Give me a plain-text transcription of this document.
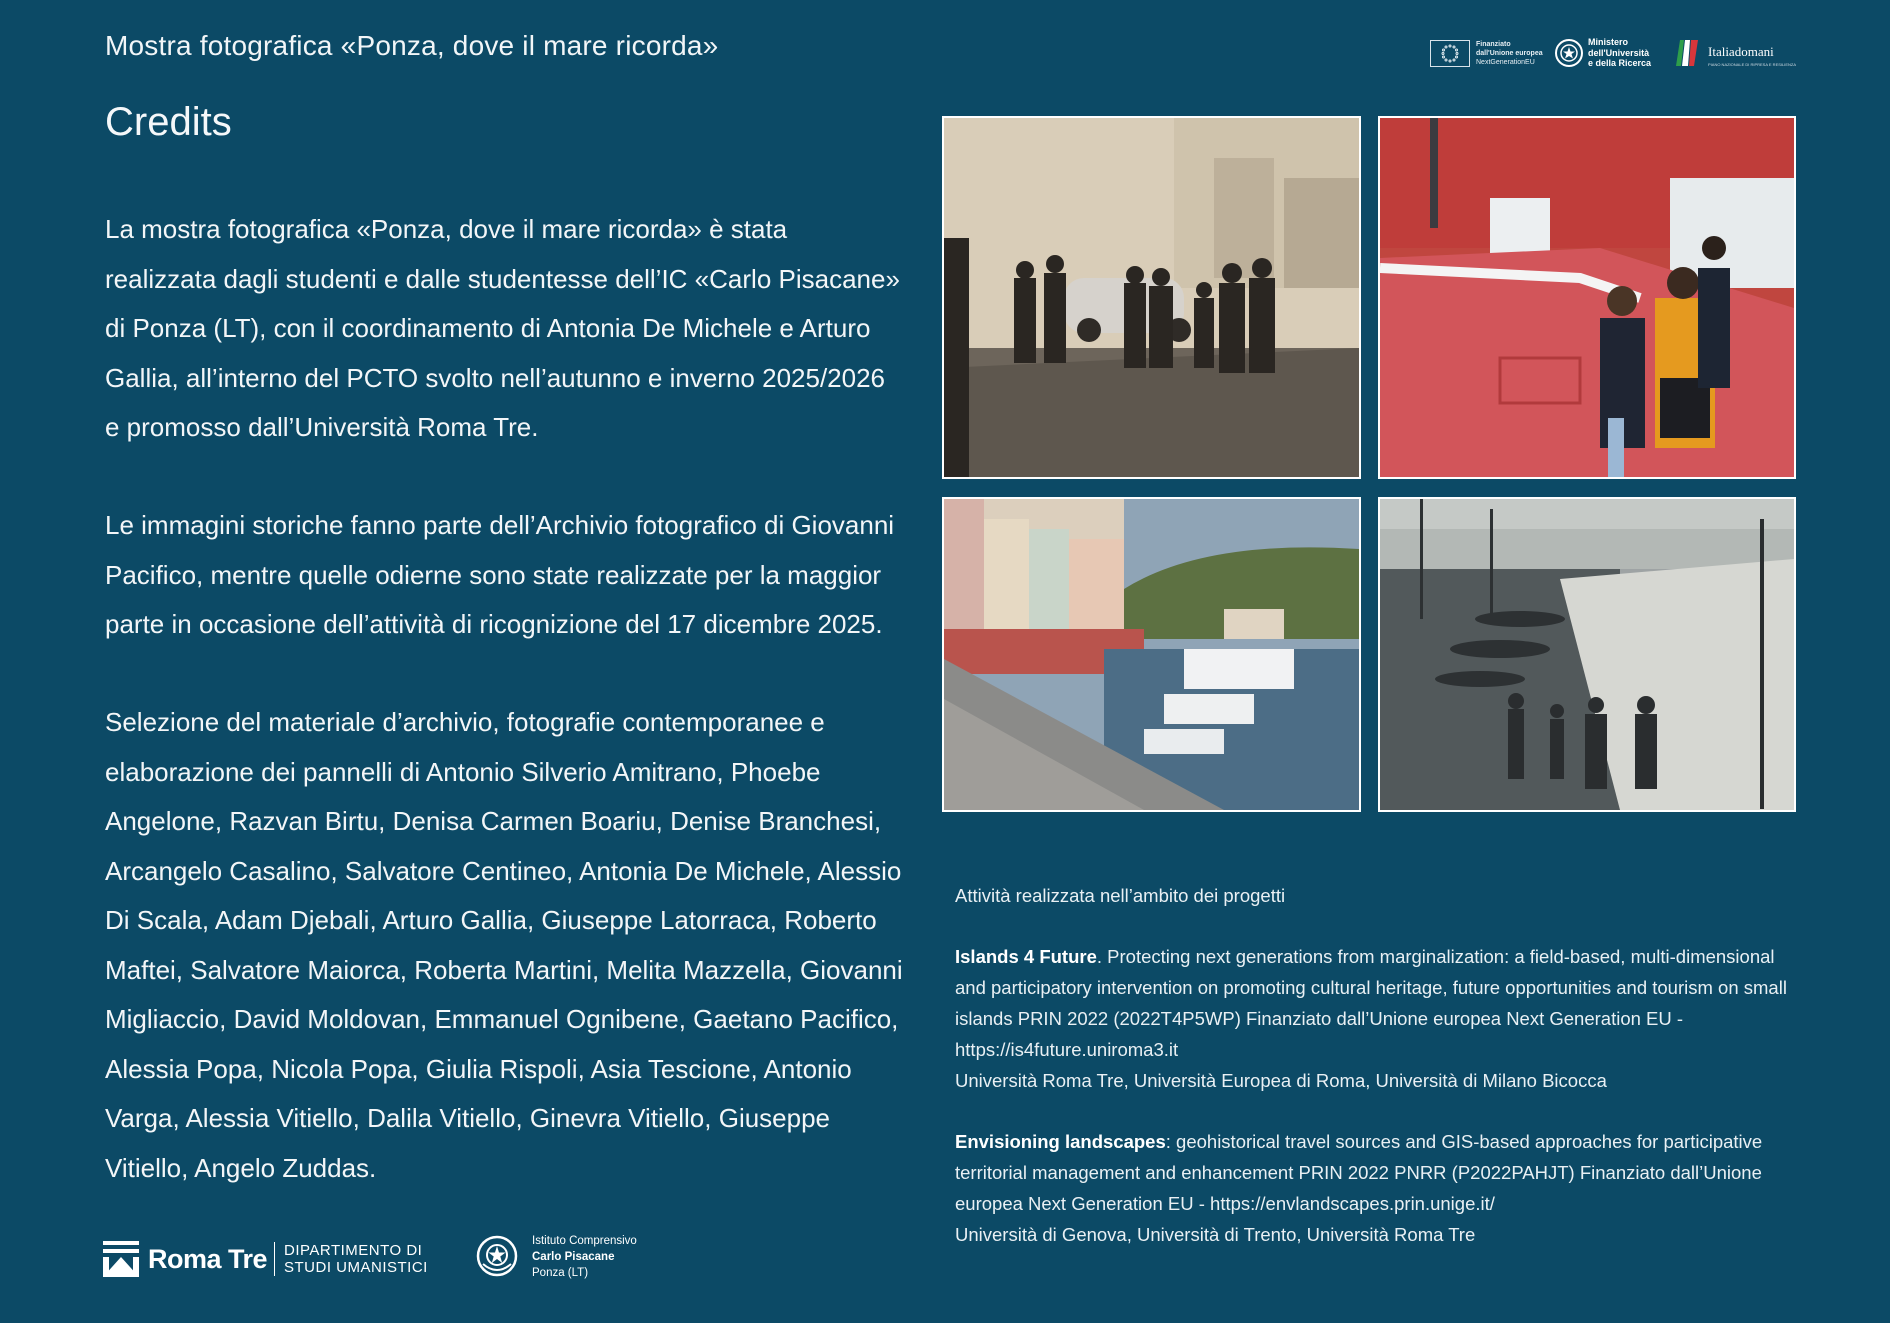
Mostra fotografica «Ponza, dove il mare ricorda»	Finanziato
dall'Unione europea
NextGenerationEU
Ministero
dell'Università
e della Ricerca
Italiadomani
PIANO NAZIONALE DI RIPRESA E RESILIENZA
Credits

La mostra fotografica «Ponza, dove il mare ricorda» è stata realizzata dagli studenti e dalle studentesse dell’IC «Carlo Pisacane» di Ponza (LT), con il coordinamento di Antonia De Michele e Arturo Gallia, all’interno del PCTO svolto nell’autunno e inverno 2025/2026 e promosso dall’Università Roma Tre.

Le immagini storiche fanno parte dell’Archivio fotografico di Giovanni Pacifico, mentre quelle odierne sono state realizzate per la maggior parte in occasione dell’attività di ricognizione del 17 dicembre 2025.

Selezione del materiale d’archivio, fotografie contemporanee e elaborazione dei pannelli di Antonio Silverio Amitrano, Phoebe Angelone, Razvan Birtu, Denisa Carmen Boariu, Denise Branchesi, Arcangelo Casalino, Salvatore Centineo, Antonia De Michele, Alessio Di Scala, Adam Djebali, Arturo Gallia, Giuseppe Latorraca, Roberto Maftei, Salvatore Maiorca, Roberta Martini, Melita Mazzella, Giovanni Migliaccio, David Moldovan, Emmanuel Ognibene, Gaetano Pacifico, Alessia Popa, Nicola Popa, Giulia Rispoli, Asia Tescione, Antonio Varga, Alessia Vitiello, Dalila Vitiello, Ginevra Vitiello, Giuseppe Vitiello, Angelo Zuddas.

Attività realizzata nell’ambito dei progetti

Islands 4 Future. Protecting next generations from marginalization: a field-based, multi-dimensional and participatory intervention on promoting cultural heritage, future opportunities and tourism on small islands PRIN 2022 (2022T4P5WP) Finanziato dall’Unione europea Next Generation EU - https://is4future.uniroma3.it

Università Roma Tre, Università Europea di Roma, Università di Milano Bicocca

Envisioning landscapes: geohistorical travel sources and GIS-based approaches for participative territorial management and enhancement PRIN 2022 PNRR (P2022PAHJT) Finanziato dall’Unione europea Next Generation EU - https://envlandscapes.prin.unige.it/

Università di Genova, Università di Trento, Università Roma Tre

Roma Tre DIPARTIMENTO DI
STUDI UMANISTICI
Istituto Comprensivo
Carlo Pisacane
Ponza (LT)
